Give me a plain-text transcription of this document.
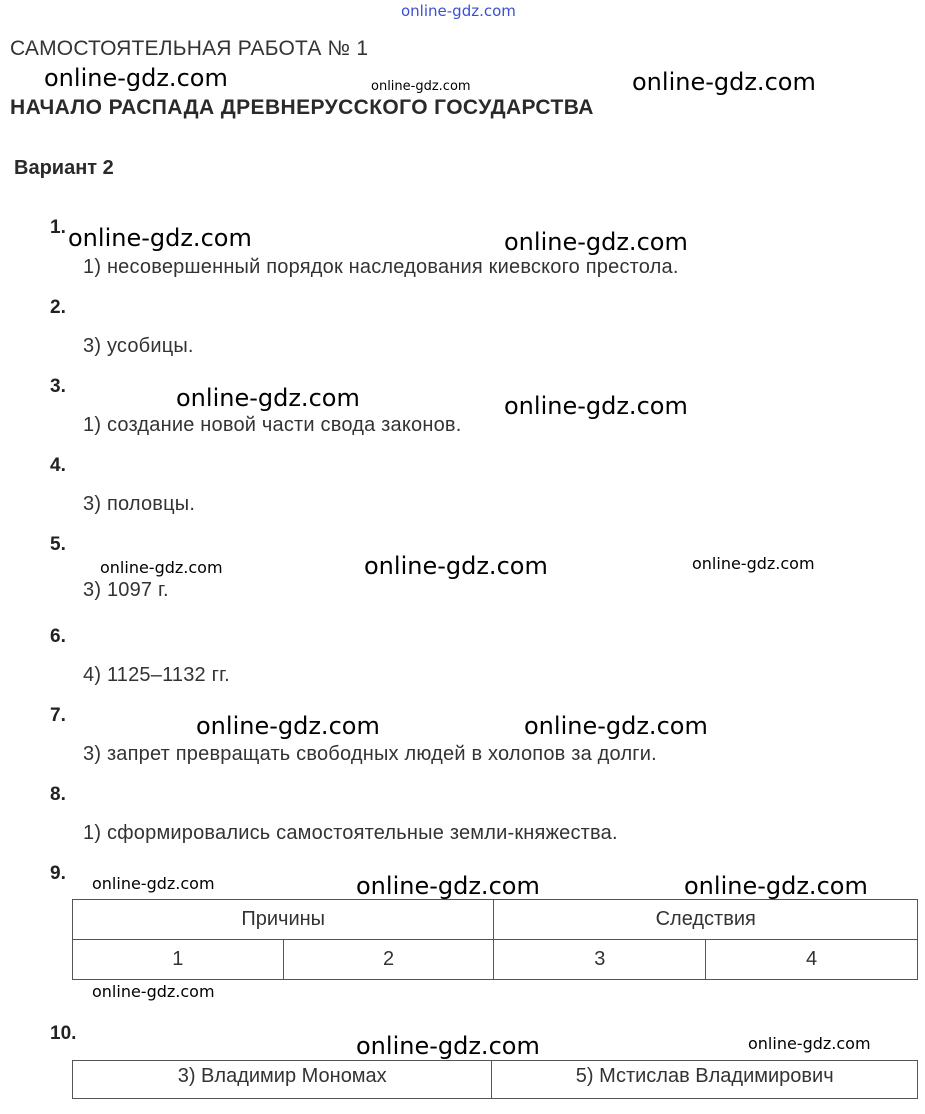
online-gdz.com
САМОСТОЯТЕЛЬНАЯ РАБОТА № 1
НАЧАЛО РАСПАДА ДРЕВНЕРУССКОГО ГОСУДАРСТВА
Вариант 2
1.
2.
3.
4.
5.
6.
7.
8.
9.
10.
1) несовершенный порядок наследования киевского престола.
3) усобицы.
1) создание новой части свода законов.
3) половцы.
3) 1097 г.
4) 1125–1132 гг.
3) запрет превращать свободных людей в холопов за долги.
1) сформировались самостоятельные земли-княжества.
Причины		Следствия	
1	2	3	4
3) Владимир Мономах	5) Мстислав Владимирович
online-gdz.com	online-gdz.com	online-gdz.com
online-gdz.com	online-gdz.com
online-gdz.com	online-gdz.com
online-gdz.com	online-gdz.com	online-gdz.com
online-gdz.com	online-gdz.com
online-gdz.com	online-gdz.com	online-gdz.com
online-gdz.com
online-gdz.com	online-gdz.com
